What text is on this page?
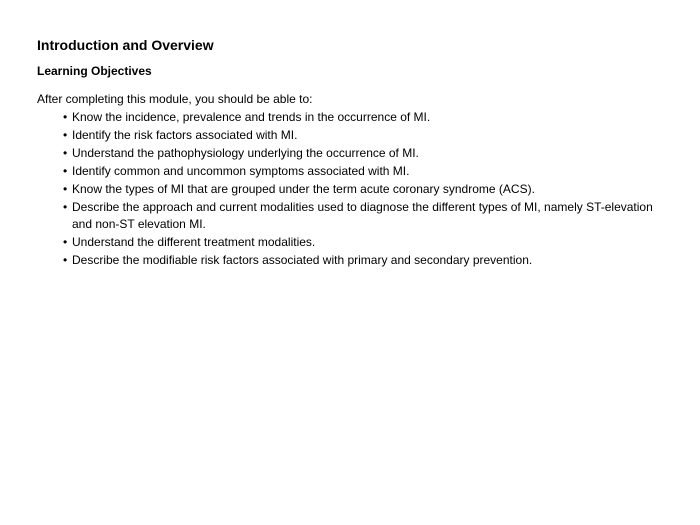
Introduction and Overview
Learning Objectives

After completing this module, you should be able to:

• Know the incidence, prevalence and trends in the occurrence of MI.
• Identify the risk factors associated with MI.
• Understand the pathophysiology underlying the occurrence of MI.
• Identify common and uncommon symptoms associated with MI.
• Know the types of MI that are grouped under the term acute coronary syndrome (ACS).
• Describe the approach and current modalities used to diagnose the different types of MI, namely ST-elevation and non-ST elevation MI.
• Understand the different treatment modalities.
• Describe the modifiable risk factors associated with primary and secondary prevention.
